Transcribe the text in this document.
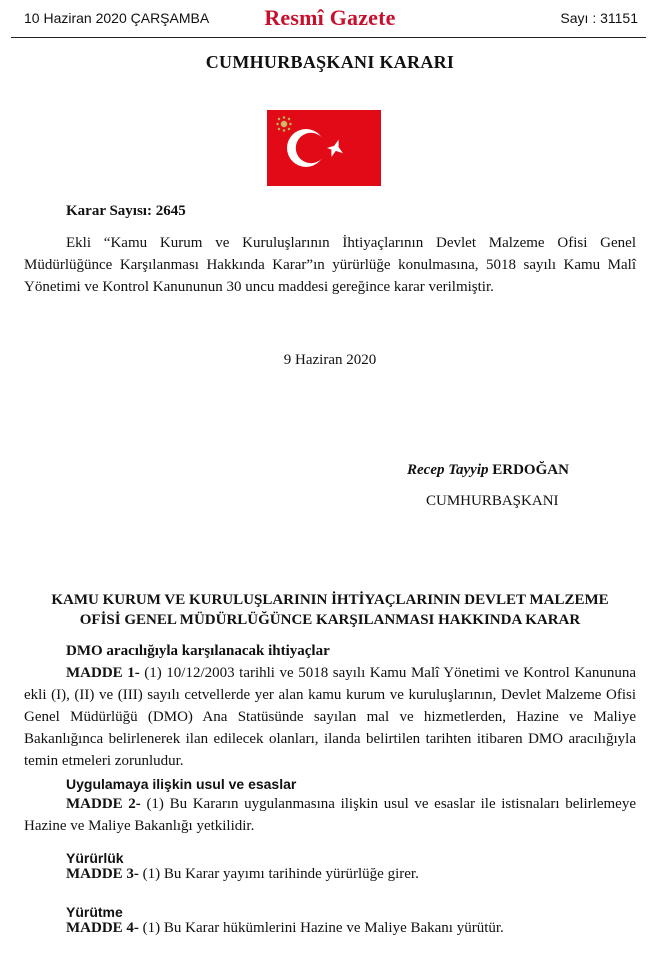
10 Haziran 2020 ÇARŞAMBA	Resmî Gazete	Sayı : 31151
CUMHURBAŞKANI KARARI
Karar Sayısı: 2645
Ekli “Kamu Kurum ve Kuruluşlarının İhtiyaçlarının Devlet Malzeme Ofisi Genel Müdürlüğünce Karşılanması Hakkında Karar”ın yürürlüğe konulmasına, 5018 sayılı Kamu Malî Yönetimi ve Kontrol Kanununun 30 uncu maddesi gereğince karar verilmiştir.
9 Haziran 2020
Recep Tayyip ERDOĞAN
CUMHURBAŞKANI
KAMU KURUM VE KURULUŞLARININ İHTİYAÇLARININ DEVLET MALZEME
OFİSİ GENEL MÜDÜRLÜĞÜNCE KARŞILANMASI HAKKINDA KARAR
DMO aracılığıyla karşılanacak ihtiyaçlar
MADDE 1- (1) 10/12/2003 tarihli ve 5018 sayılı Kamu Malî Yönetimi ve Kontrol Kanununa ekli (I), (II) ve (III) sayılı cetvellerde yer alan kamu kurum ve kuruluşlarının, Devlet Malzeme Ofisi Genel Müdürlüğü (DMO) Ana Statüsünde sayılan mal ve hizmetlerden, Hazine ve Maliye Bakanlığınca belirlenerek ilan edilecek olanları, ilanda belirtilen tarihten itibaren DMO aracılığıyla temin etmeleri zorunludur.
Uygulamaya ilişkin usul ve esaslar
MADDE 2- (1) Bu Kararın uygulanmasına ilişkin usul ve esaslar ile istisnaları belirlemeye Hazine ve Maliye Bakanlığı yetkilidir.
Yürürlük
MADDE 3- (1) Bu Karar yayımı tarihinde yürürlüğe girer.
Yürütme
MADDE 4- (1) Bu Karar hükümlerini Hazine ve Maliye Bakanı yürütür.
